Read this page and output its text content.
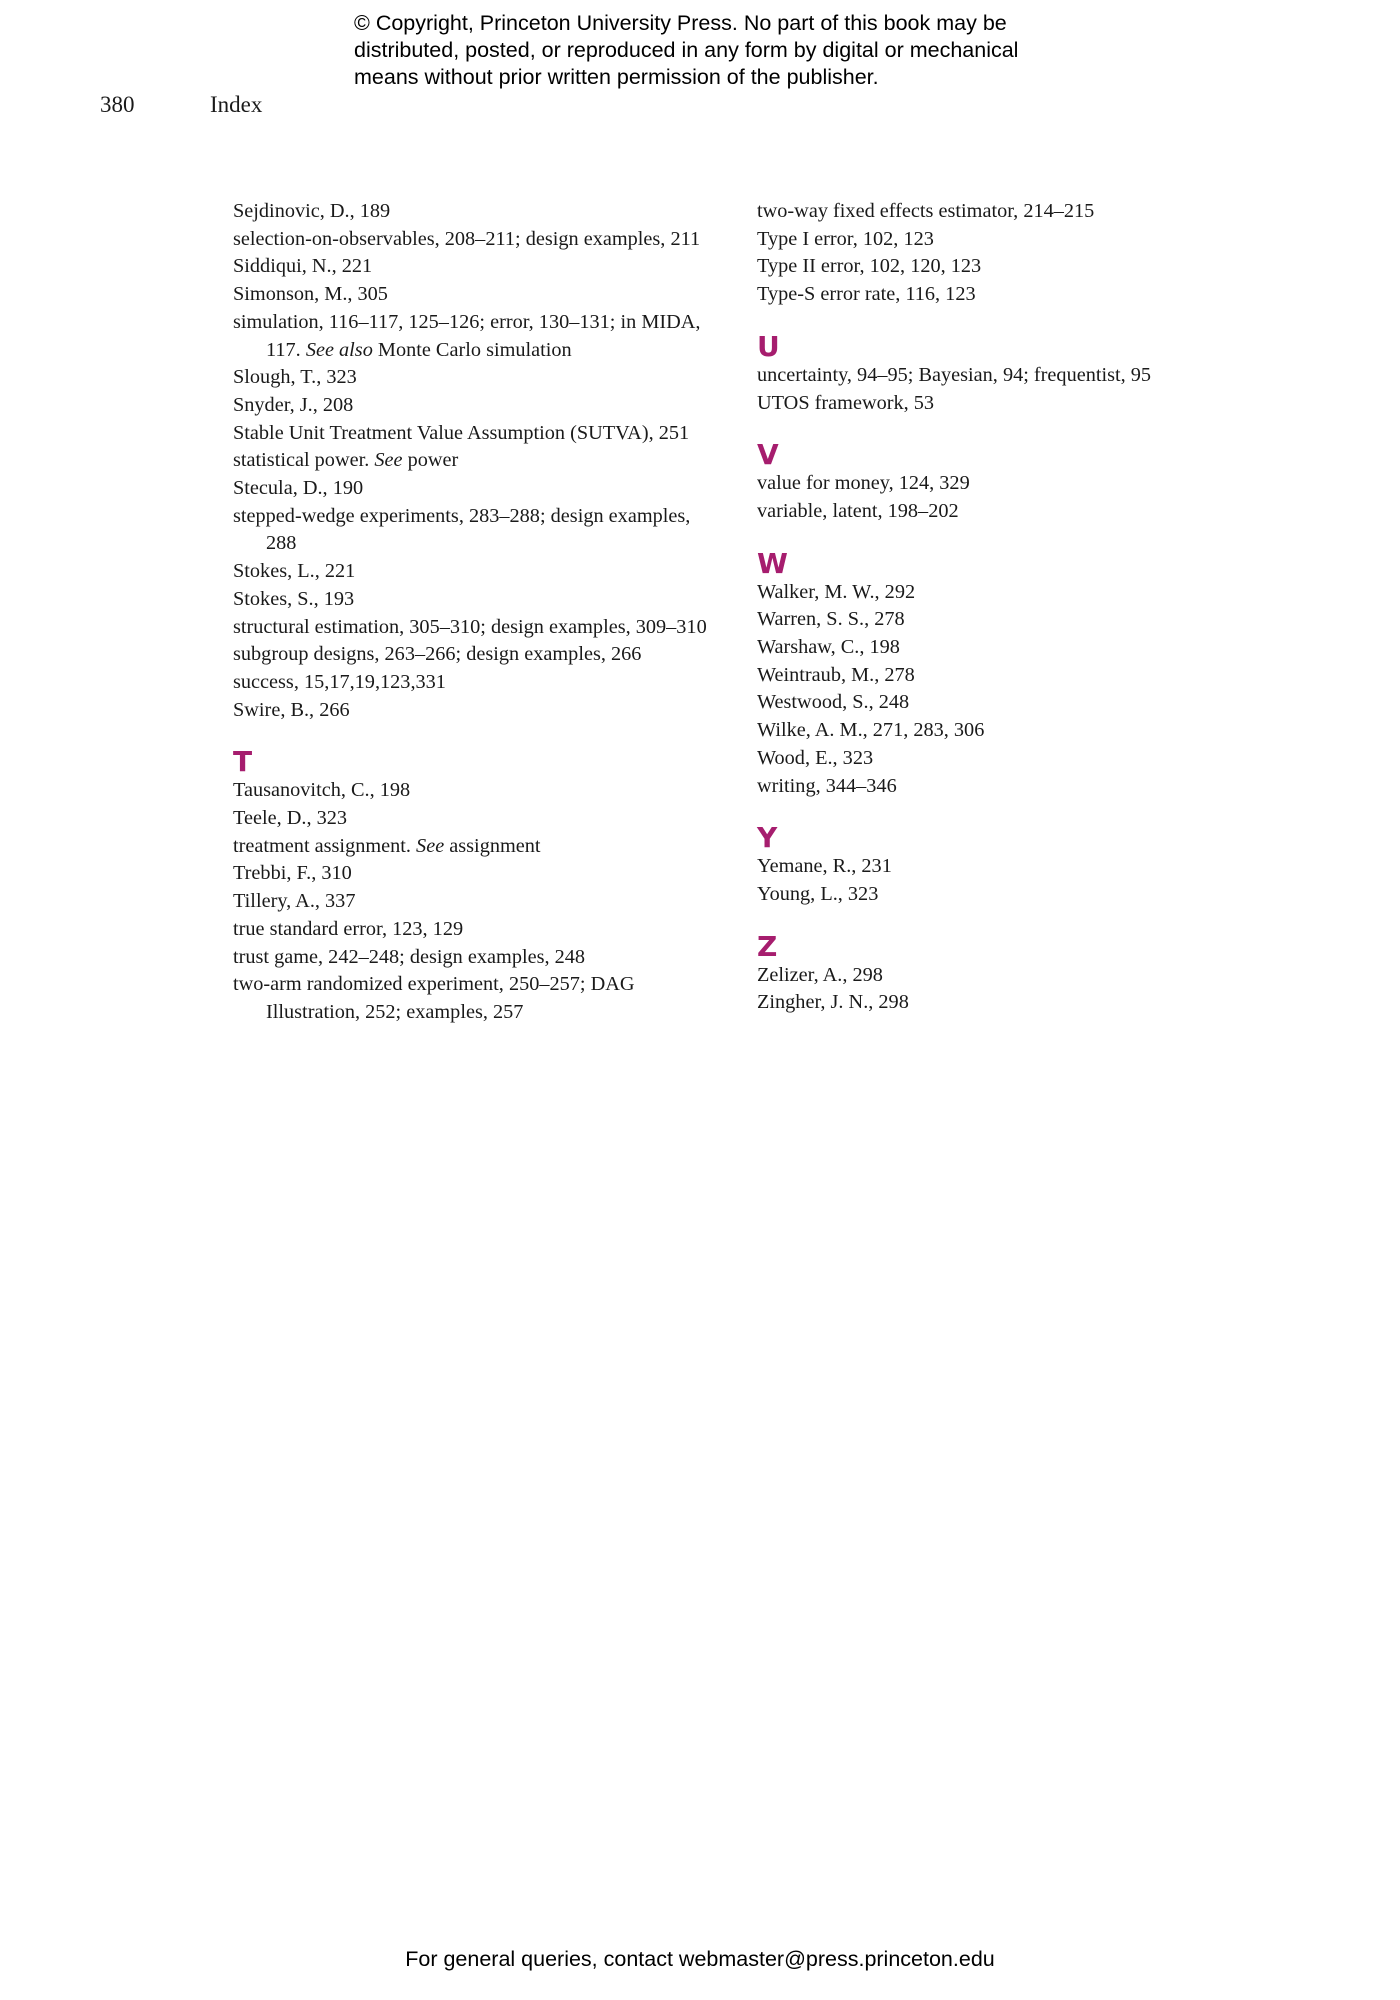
© Copyright, Princeton University Press. No part of this book may be
distributed, posted, or reproduced in any form by digital or mechanical
means without prior written permission of the publisher.
380	Index
Sejdinovic, D., 189
selection-on-observables, 208–211; design examples, 211
Siddiqui, N., 221
Simonson, M., 305
simulation, 116–117, 125–126; error, 130–131; in MIDA, 117. See also Monte Carlo simulation
Slough, T., 323
Snyder, J., 208
Stable Unit Treatment Value Assumption (SUTVA), 251
statistical power. See power
Stecula, D., 190
stepped-wedge experiments, 283–288; design examples, 288
Stokes, L., 221
Stokes, S., 193
structural estimation, 305–310; design examples, 309–310
subgroup designs, 263–266; design examples, 266
success, 15,17,19,123,331
Swire, B., 266
T
Tausanovitch, C., 198
Teele, D., 323
treatment assignment. See assignment
Trebbi, F., 310
Tillery, A., 337
true standard error, 123, 129
trust game, 242–248; design examples, 248
two-arm randomized experiment, 250–257; DAG Illustration, 252; examples, 257
two-way fixed effects estimator, 214–215
Type I error, 102, 123
Type II error, 102, 120, 123
Type-S error rate, 116, 123
U
uncertainty, 94–95; Bayesian, 94; frequentist, 95
UTOS framework, 53
V
value for money, 124, 329
variable, latent, 198–202
W
Walker, M. W., 292
Warren, S. S., 278
Warshaw, C., 198
Weintraub, M., 278
Westwood, S., 248
Wilke, A. M., 271, 283, 306
Wood, E., 323
writing, 344–346
Y
Yemane, R., 231
Young, L., 323
Z
Zelizer, A., 298
Zingher, J. N., 298
For general queries, contact webmaster@press.princeton.edu
